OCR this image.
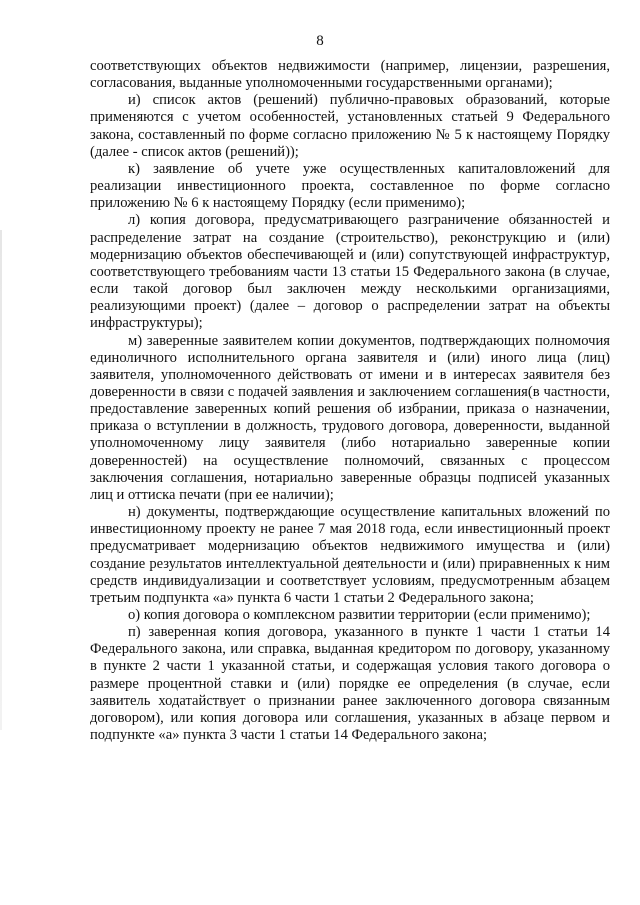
8

соответствующих объектов недвижимости (например, лицензии, разрешения, согласования, выданные уполномоченными государственными органами);

и) список актов (решений) публично-правовых образований, которые применяются с учетом особенностей, установленных статьей 9 Федерального закона, составленный по форме согласно приложению № 5 к настоящему Порядку (далее - список актов (решений));

к) заявление об учете уже осуществленных капиталовложений для реализации инвестиционного проекта, составленное по форме согласно приложению № 6 к настоящему Порядку (если применимо);

л) копия договора, предусматривающего разграничение обязанностей и распределение затрат на создание (строительство), реконструкцию и (или) модернизацию объектов обеспечивающей и (или) сопутствующей инфраструктур, соответствующего требованиям части 13 статьи 15 Федерального закона (в случае, если такой договор был заключен между несколькими организациями, реализующими проект) (далее – договор о распределении затрат на объекты инфраструктуры);

м) заверенные заявителем копии документов, подтверждающих полномочия единоличного исполнительного органа заявителя и (или) иного лица (лиц) заявителя, уполномоченного действовать от имени и в интересах заявителя без доверенности в связи с подачей заявления и заключением соглашения(в частности, предоставление заверенных копий решения об избрании, приказа о назначении, приказа о вступлении в должность, трудового договора, доверенности, выданной уполномоченному лицу заявителя (либо нотариально заверенные копии доверенностей) на осуществление полномочий, связанных с процессом заключения соглашения, нотариально заверенные образцы подписей указанных лиц и оттиска печати (при ее наличии);

н) документы, подтверждающие осуществление капитальных вложений по инвестиционному проекту не ранее 7 мая 2018 года, если инвестиционный проект предусматривает модернизацию объектов недвижимого имущества и (или) создание результатов интеллектуальной деятельности и (или) приравненных к ним средств индивидуализации и соответствует условиям, предусмотренным абзацем третьим подпункта «а» пункта 6 части 1 статьи 2 Федерального закона;

о) копия договора о комплексном развитии территории (если применимо);

п) заверенная копия договора, указанного в пункте 1 части 1 статьи 14 Федерального закона, или справка, выданная кредитором по договору, указанному в пункте 2 части 1 указанной статьи, и содержащая условия такого договора о размере процентной ставки и (или) порядке ее определения (в случае, если заявитель ходатайствует о признании ранее заключенного договора связанным договором), или копия договора или соглашения, указанных в абзаце первом и подпункте «а» пункта 3 части 1 статьи 14 Федерального закона;
